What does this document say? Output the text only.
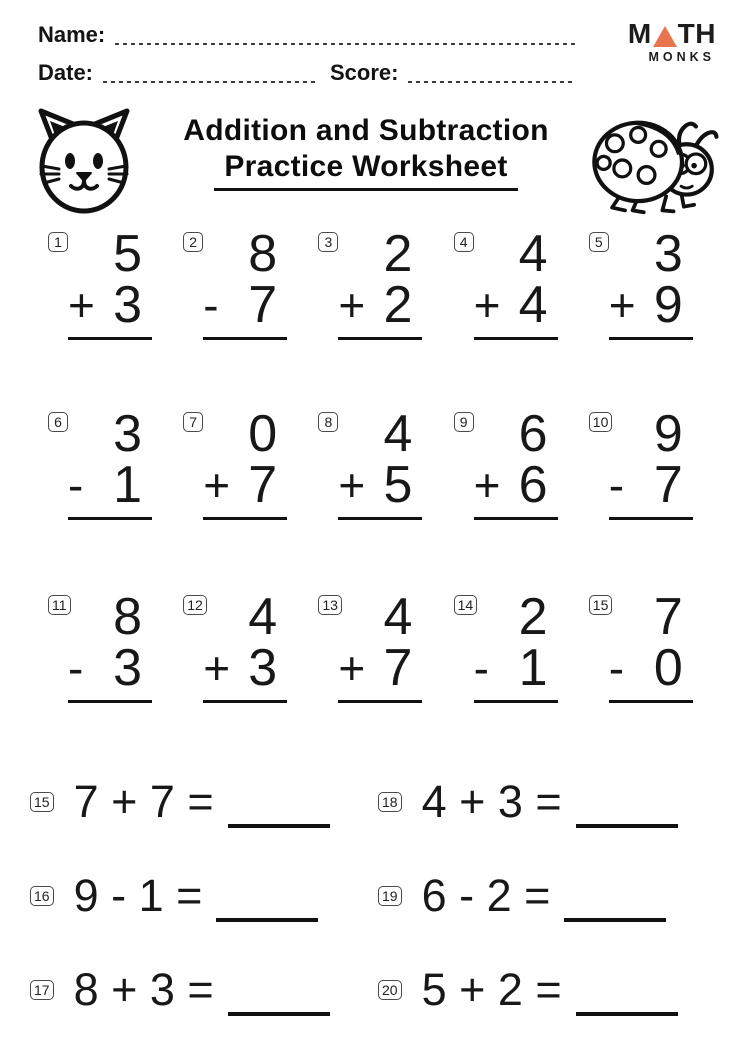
Name:
Date:	Score:
M TH
MONKS
Addition and Subtraction
Practice Worksheet
1 5
+ 3
2 8
- 7
3 2
+ 2
4 4
+ 4
5 3
+ 9
6 3
- 1
7 0
+ 7
8 4
+ 5
9 6
+ 6
10 9
- 7
11 8
- 3
12 4
+ 3
13 4
+ 7
14 2
- 1
15 7
- 0
15 7 + 7 =	18 4 + 3 =
16 9 - 1 =	19 6 - 2 =
17 8 + 3 =	20 5 + 2 =
